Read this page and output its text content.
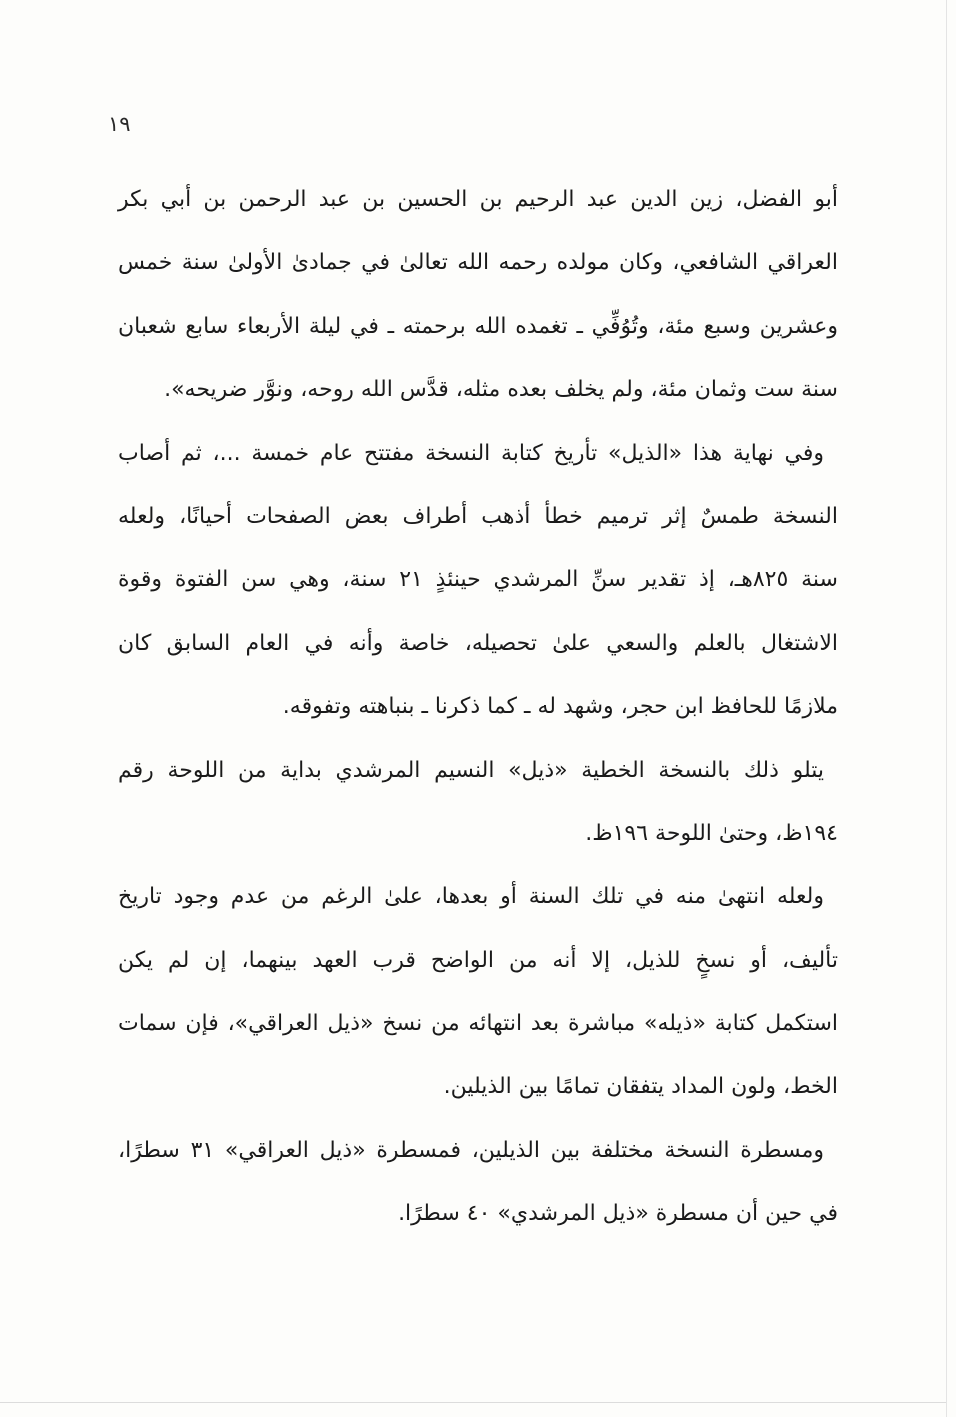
١٩
أبو الفضل، زين الدين عبد الرحيم بن الحسين بن عبد الرحمن بن أبي بكر
العراقي الشافعي، وكان مولده رحمه الله تعالىٰ في جمادىٰ الأولىٰ سنة خمس
وعشرين وسبع مئة، وتُوُفِّي ـ تغمده الله برحمته ـ في ليلة الأربعاء سابع شعبان
سنة ست وثمان مئة، ولم يخلف بعده مثله، قدَّس الله روحه، ونوَّر ضريحه».
وفي نهاية هذا «الذيل» تأريخ كتابة النسخة مفتتح عام خمسة ...، ثم أصاب
النسخة طمسٌ إثر ترميم خطأ أذهب أطراف بعض الصفحات أحيانًا، ولعله
سنة ٨٢٥هـ، إذ تقدير سنِّ المرشدي حينئذٍ ٢١ سنة، وهي سن الفتوة وقوة
الاشتغال بالعلم والسعي علىٰ تحصيله، خاصة وأنه في العام السابق كان
ملازمًا للحافظ ابن حجر، وشهد له ـ كما ذكرنا ـ بنباهته وتفوقه.
يتلو ذلك بالنسخة الخطية «ذيل» النسيم المرشدي بداية من اللوحة رقم
١٩٤ظ، وحتىٰ اللوحة ١٩٦ظ.
ولعله انتهىٰ منه في تلك السنة أو بعدها، علىٰ الرغم من عدم وجود تاريخ
تأليف، أو نسخٍ للذيل، إلا أنه من الواضح قرب العهد بينهما، إن لم يكن
استكمل كتابة «ذيله» مباشرة بعد انتهائه من نسخ «ذيل العراقي»، فإن سمات
الخط، ولون المداد يتفقان تمامًا بين الذيلين.
ومسطرة النسخة مختلفة بين الذيلين، فمسطرة «ذيل العراقي» ٣١ سطرًا،
في حين أن مسطرة «ذيل المرشدي» ٤٠ سطرًا.
